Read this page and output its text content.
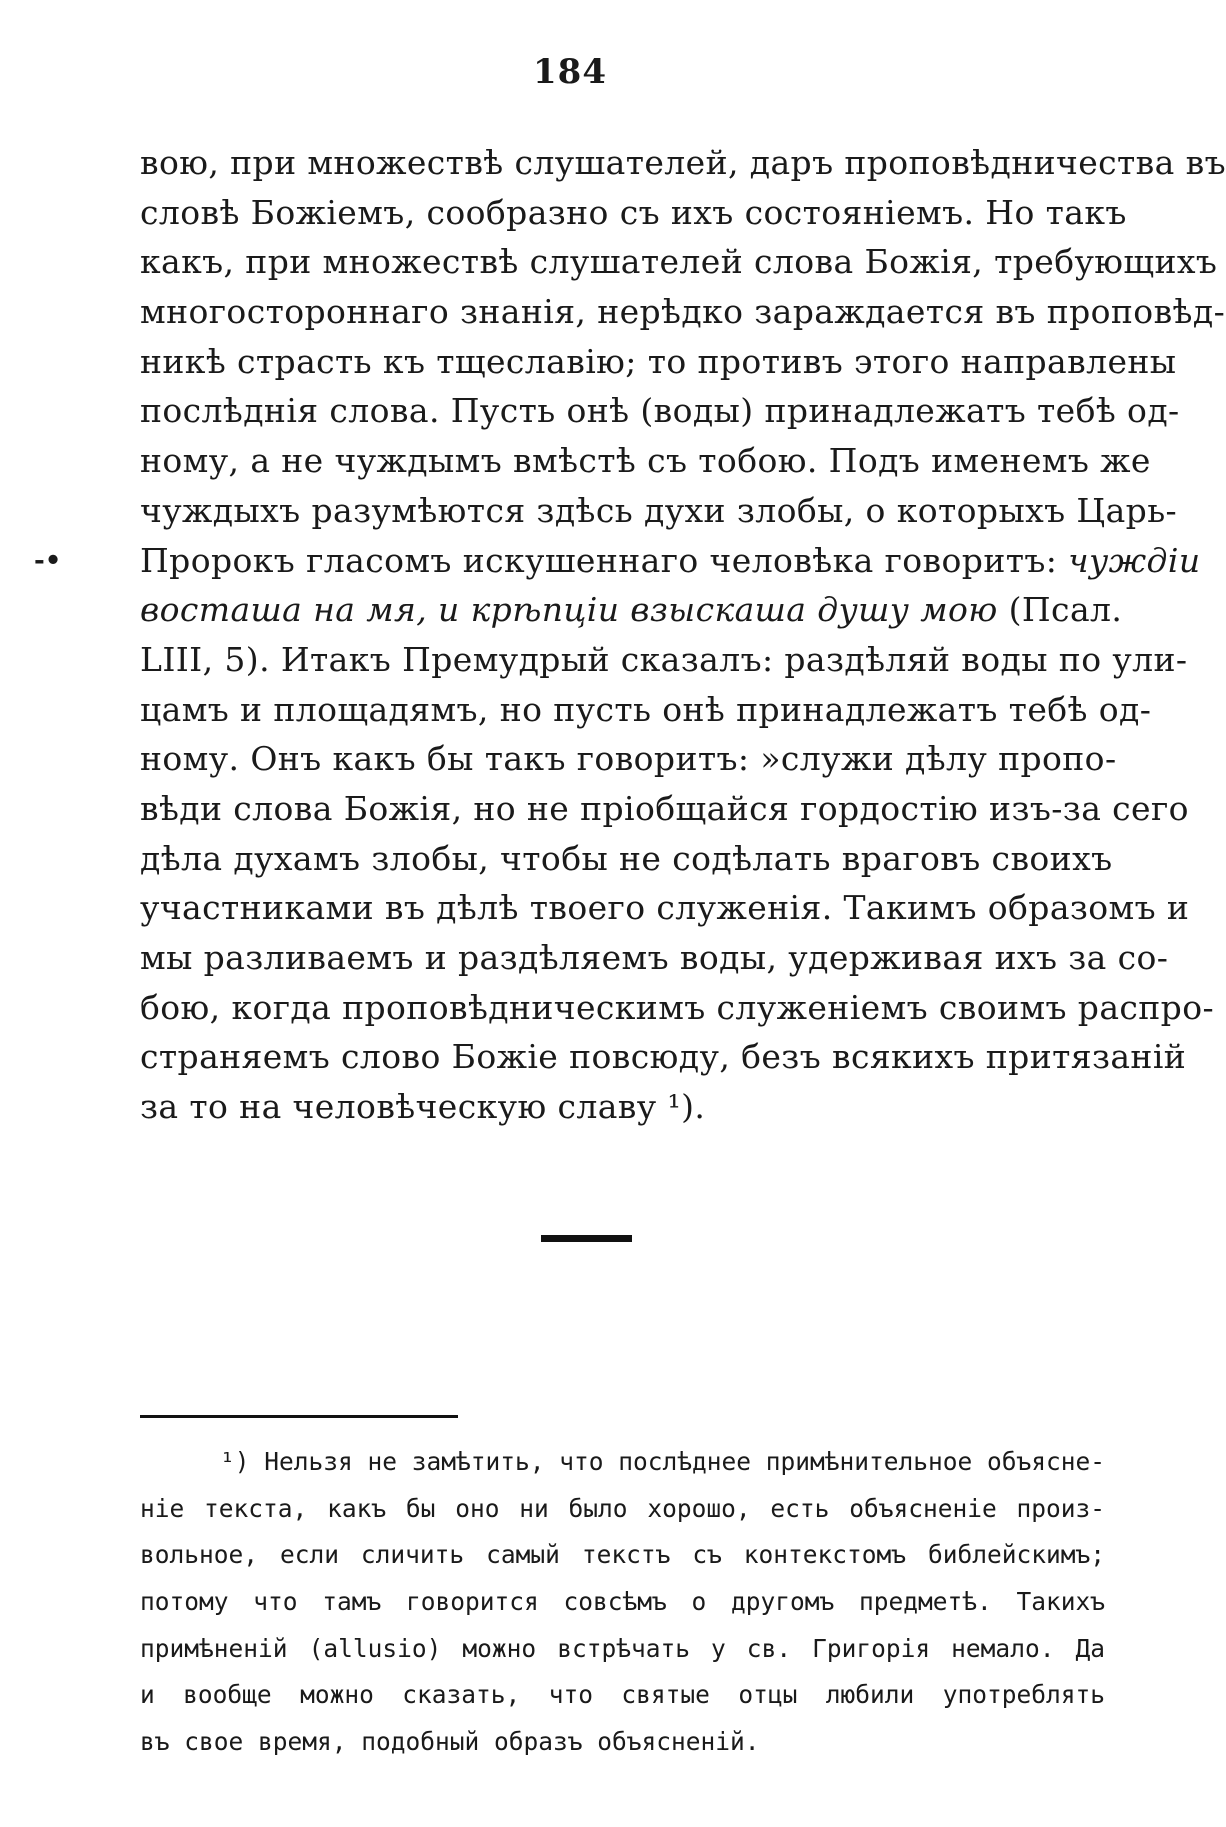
184
-•
вою, при множествѣ слушателей, даръ проповѣдничества въ
словѣ Божіемъ, сообразно съ ихъ состояніемъ. Но такъ
какъ, при множествѣ слушателей слова Божія, требующихъ
многостороннаго знанія, нерѣдко зараждается въ проповѣд-
никѣ страсть къ тщеславію; то противъ этого направлены
послѣднія слова. Пусть онѣ (воды) принадлежатъ тебѣ од-
ному, а не чуждымъ вмѣстѣ съ тобою. Подъ именемъ же
чуждыхъ разумѣются здѣсь духи злобы, о которыхъ Царь-
Пророкъ гласомъ искушеннаго человѣка говоритъ: чуждіи
восташа на мя, и крѣпціи взыскаша душу мою (Псал.
LIII, 5). Итакъ Премудрый сказалъ: раздѣляй воды по ули-
цамъ и площадямъ, но пусть онѣ принадлежатъ тебѣ од-
ному. Онъ какъ бы такъ говоритъ: »служи дѣлу пропо-
вѣди слова Божія, но не пріобщайся гордостію изъ-за сего
дѣла духамъ злобы, чтобы не содѣлать враговъ своихъ
участниками въ дѣлѣ твоего служенія. Такимъ образомъ и
мы разливаемъ и раздѣляемъ воды, удерживая ихъ за со-
бою, когда проповѣдническимъ служеніемъ своимъ распро-
страняемъ слово Божіе повсюду, безъ всякихъ притязаній
за то на человѣческую славу ¹).
¹) Нельзя не замѣтить, что послѣднее примѣнительное объясне-
ніе текста, какъ бы оно ни было хорошо, есть объясненіе произ-
вольное, если сличить самый текстъ съ контекстомъ библейскимъ;
потому что тамъ говорится совсѣмъ о другомъ предметѣ. Такихъ
примѣненій (allusio) можно встрѣчать у св. Григорія немало. Да
и вообще можно сказать, что святые отцы любили употреблять
въ свое время, подобный образъ объясненій.
